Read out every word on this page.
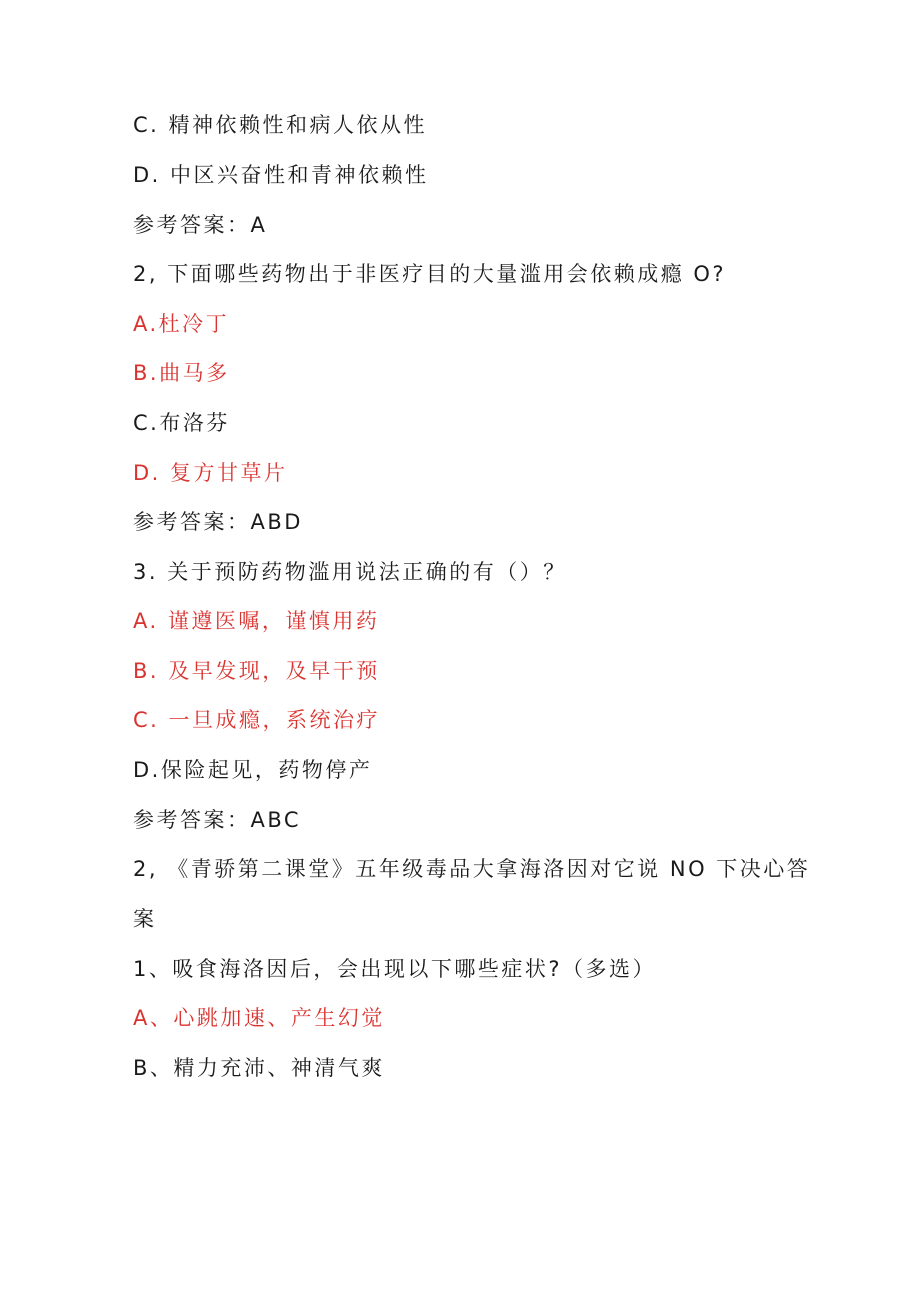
C. 精神依赖性和病人依从性
D. 中区兴奋性和青神依赖性
参考答案：A
2, 下面哪些药物出于非医疗目的大量滥用会依赖成瘾 O?
A.杜冷丁
B.曲马多
C.布洛芬
D. 复方甘草片
参考答案：ABD
3. 关于预防药物滥用说法正确的有（）？
A. 谨遵医嘱，谨慎用药
B. 及早发现，及早干预
C. 一旦成瘾，系统治疗
D.保险起见，药物停产
参考答案：ABC
2, 《青骄第二课堂》五年级毒品大拿海洛因对它说 NO 下决心答
案
1、吸食海洛因后，会出现以下哪些症状?（多选）
A、心跳加速、产生幻觉
B、精力充沛、神清气爽
